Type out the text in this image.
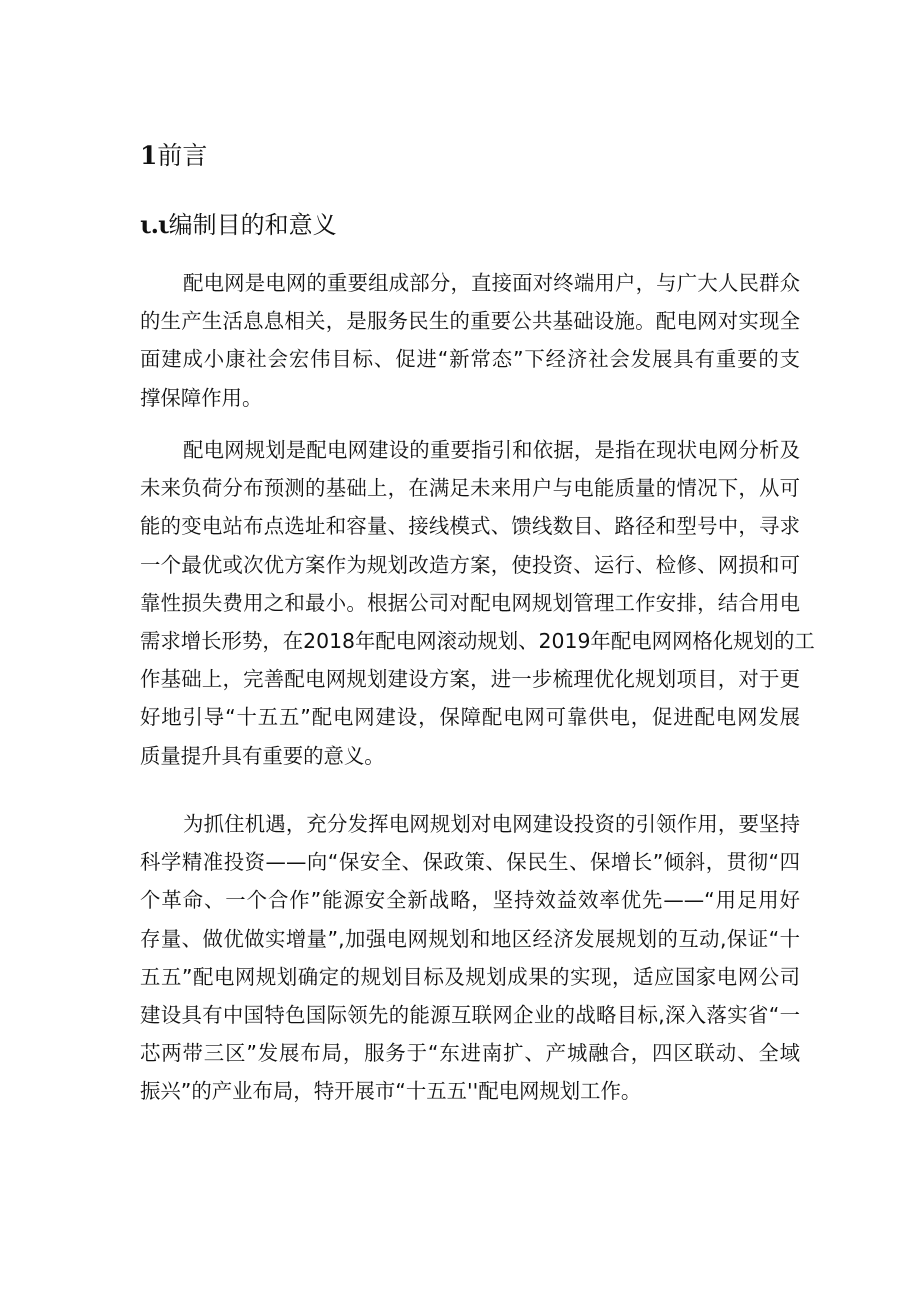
1前言
ι.ι编制目的和意义
配电网是电网的重要组成部分，直接面对终端用户，与广大人民群众
的生产生活息息相关，是服务民生的重要公共基础设施。配电网对实现全
面建成小康社会宏伟目标、促进“新常态”下经济社会发展具有重要的支
撑保障作用。
配电网规划是配电网建设的重要指引和依据，是指在现状电网分析及
未来负荷分布预测的基础上，在满足未来用户与电能质量的情况下，从可
能的变电站布点选址和容量、接线模式、馈线数目、路径和型号中，寻求
一个最优或次优方案作为规划改造方案，使投资、运行、检修、网损和可
靠性损失费用之和最小。根据公司对配电网规划管理工作安排，结合用电
需求增长形势，在2018年配电网滚动规划、2019年配电网网格化规划的工
作基础上，完善配电网规划建设方案，进一步梳理优化规划项目，对于更
好地引导“十五五”配电网建设，保障配电网可靠供电，促进配电网发展
质量提升具有重要的意义。
为抓住机遇，充分发挥电网规划对电网建设投资的引领作用，要坚持
科学精准投资——向“保安全、保政策、保民生、保增长”倾斜，贯彻“四
个革命、一个合作”能源安全新战略，坚持效益效率优先——“用足用好
存量、做优做实增量”,加强电网规划和地区经济发展规划的互动,保证“十
五五”配电网规划确定的规划目标及规划成果的实现，适应国家电网公司
建设具有中国特色国际领先的能源互联网企业的战略目标,深入落实省“一
芯两带三区”发展布局，服务于“东进南扩、产城融合，四区联动、全域
振兴”的产业布局，特开展市“十五五''配电网规划工作。
